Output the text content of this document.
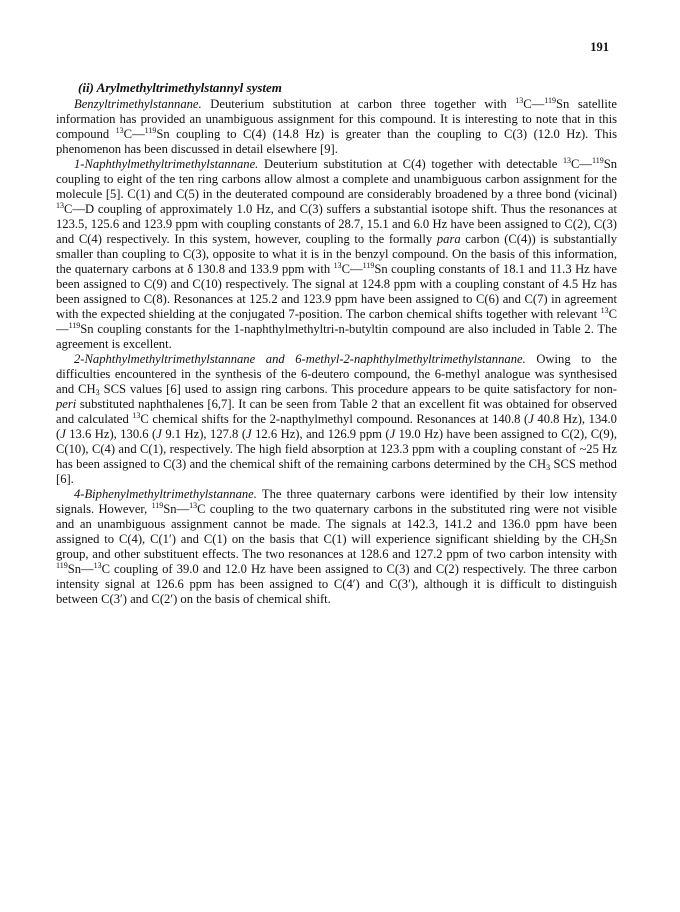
191
(ii) Arylmethyltrimethylstannyl system

Benzyltrimethylstannane. Deuterium substitution at carbon three together with $^{13}$C—$^{119}$Sn satellite information has provided an unambiguous assignment for this compound. It is interesting to note that in this compound $^{13}$C—$^{119}$Sn coupling to C(4) (14.8 Hz) is greater than the coupling to C(3) (12.0 Hz). This phenomenon has been discussed in detail elsewhere [9].

1-Naphthylmethyltrimethylstannane. Deuterium substitution at C(4) together with detectable $^{13}$C—$^{119}$Sn coupling to eight of the ten ring carbons allow almost a complete and unambiguous carbon assignment for the molecule [5]. C(1) and C(5) in the deuterated compound are considerably broadened by a three bond (vicinal) $^{13}$C—D coupling of approximately 1.0 Hz, and C(3) suffers a substantial isotope shift. Thus the resonances at 123.5, 125.6 and 123.9 ppm with coupling constants of 28.7, 15.1 and 6.0 Hz have been assigned to C(2), C(3) and C(4) respectively. In this system, however, coupling to the formally para carbon (C(4)) is substantially smaller than coupling to C(3), opposite to what it is in the benzyl compound. On the basis of this information, the quaternary carbons at δ 130.8 and 133.9 ppm with $^{13}$C—$^{119}$Sn coupling constants of 18.1 and 11.3 Hz have been assigned to C(9) and C(10) respectively. The signal at 124.8 ppm with a coupling constant of 4.5 Hz has been assigned to C(8). Resonances at 125.2 and 123.9 ppm have been assigned to C(6) and C(7) in agreement with the expected shielding at the conjugated 7-position. The carbon chemical shifts together with relevant $^{13}$C—$^{119}$Sn coupling constants for the 1-naphthylmethyltri-n-butyltin compound are also included in Table 2. The agreement is excellent.

2-Naphthylmethyltrimethylstannane and 6-methyl-2-naphthylmethyltrimethylstannane. Owing to the difficulties encountered in the synthesis of the 6-deutero compound, the 6-methyl analogue was synthesised and $CH_3$ SCS values [6] used to assign ring carbons. This procedure appears to be quite satisfactory for non-peri substituted naphthalenes [6,7]. It can be seen from Table 2 that an excellent fit was obtained for observed and calculated $^{13}$C chemical shifts for the 2-napthylmethyl compound. Resonances at 140.8 (J 40.8 Hz), 134.0 (J 13.6 Hz), 130.6 (J 9.1 Hz), 127.8 (J 12.6 Hz), and 126.9 ppm (J 19.0 Hz) have been assigned to C(2), C(9), C(10), C(4) and C(1), respectively. The high field absorption at 123.3 ppm with a coupling constant of ~25 Hz has been assigned to C(3) and the chemical shift of the remaining carbons determined by the $CH_3$ SCS method [6].

4-Biphenylmethyltrimethylstannane. The three quaternary carbons were identified by their low intensity signals. However, $^{119}$Sn—$^{13}$C coupling to the two quaternary carbons in the substituted ring were not visible and an unambiguous assignment cannot be made. The signals at 142.3, 141.2 and 136.0 ppm have been assigned to C(4), C(1′) and C(1) on the basis that C(1) will experience significant shielding by the $CH_2Sn$ group, and other substituent effects. The two resonances at 128.6 and 127.2 ppm of two carbon intensity with $^{119}$Sn—$^{13}$C coupling of 39.0 and 12.0 Hz have been assigned to C(3) and C(2) respectively. The three carbon intensity signal at 126.6 ppm has been assigned to C(4′) and C(3′), although it is difficult to distinguish between C(3′) and C(2′) on the basis of chemical shift.
